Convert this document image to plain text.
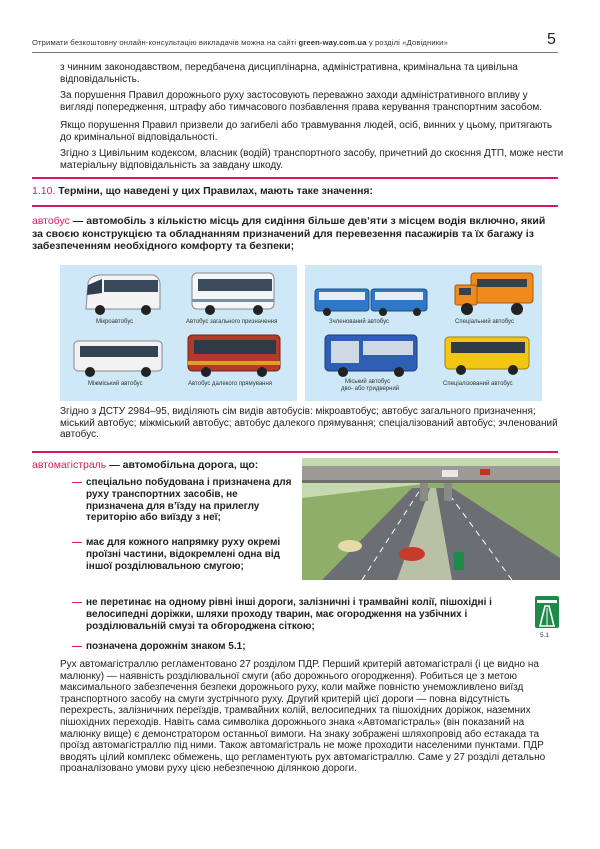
Отримати безкоштовну онлайн-консультацію викладачів можна на сайті green-way.com.ua у розділі «Довідники»	5
з чинним законодавством, передбачена дисциплінарна, адміністративна, кримінальна та цивільна відповідальність.
За порушення Правил дорожнього руху застосовують переважно заходи адміністративного впливу у вигляді попередження, штрафу або тимчасового позбавлення права керування транспортним засобом.
Якщо порушення Правил призвели до загибелі або травмування людей, осіб, винних у цьому, притягають до кримінальної відповідальності.
Згідно з Цивільним кодексом, власник (водій) транспортного засобу, причетний до скоєння ДТП, може нести матеріальну відповідальність за завдану шкоду.
1.10. Терміни, що наведені у цих Правилах, мають таке значення:
автобус — автомобіль з кількістю місць для сидіння більше дев’яти з місцем водія включно, який за своєю конструкцією та обладнанням призначений для перевезення пасажирів та їх багажу із забезпеченням необхідного комфорту та безпеки;
Мікроавтобус	Автобус загального призначення
Міжміський автобус	Автобус далекого прямування
Зчленований автобус	Спеціальний автобус
Міський автобус
дво- або тридверний
Спеціалізований автобус
Згідно з ДСТУ 2984–95, виділяють сім видів автобусів: мікроавтобус; автобус загального призначення; міський автобус; міжміський автобус; автобус далекого прямування; спеціалізований автобус; зчленований автобус.
автомагістраль — автомобільна дорога, що:
— спеціально побудована і призначена для руху транспортних засобів, не призначена для в’їзду на прилеглу територію або виїзду з неї;
— має для кожного напрямку руху окремі проїзні частини, відокремлені одна від іншої розділювальною смугою;
— не перетинає на одному рівні інші дороги, залізничні і трамвайні колії, пішохідні і велосипедні доріжки, шляхи проходу тварин, має огородження на узбічних і розділювальній смузі та обгороджена сіткою;
— позначена дорожнім знаком 5.1;
5.1
Рух автомагістраллю регламентовано 27 розділом ПДР. Перший критерій автомагістралі (і це видно на малюнку) — наявність розділювальної смуги (або дорожнього огородження). Робиться це з метою максимального забезпечення безпеки дорожнього руху, коли майже повністю унеможливлено виїзд транспортного засобу на смуги зустрічного руху. Другий критерій цієї дороги — повна відсутність перехресть, залізничних переїздів, трамвайних колій, велосипедних та пішохідних доріжок, наземних пішохідних переходів. Навіть сама символіка дорожнього знака «Автомагістраль» (він показаний на малюнку вище) є демонстратором останньої вимоги. На знаку зображені шляхопровід або естакада та проїзд автомагістраллю під ними. Також автомагістраль не може проходити населеними пунктами. ПДР вводять цілий комплекс обмежень, що регламентують рух автомагістраллю. Саме у 27 розділі детально проаналізовано умови руху цією небезпечною ділянкою дороги.
